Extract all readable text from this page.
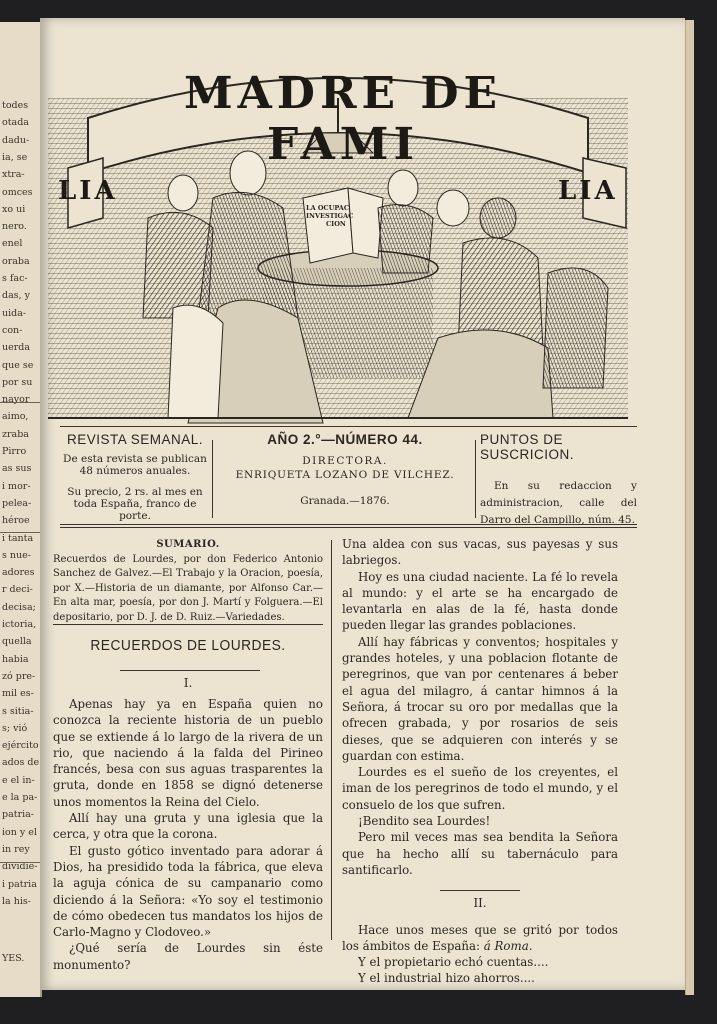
todes
otada
dadu-
ia, se
xtra-
omces
xo ui
nero.
enel
oraba
s fac-
das, y
uida-
con-
uerda
que se
por su
nayor
aimo,
zraba
Pirro
as sus
i mor-
pelea-
héroe
i tanta
s nue-
adores
r deci-
decisa;
ictoria,
quella
habia
zó pre-
mil es-
s sitia-
s; vió
ejército
ados de
e el in-
e la pa-
patria-
ion y el
in rey
dividie-
i patria
la his-
YES.
MADRE DE FAMI
LIA	LIA
LA OCUPAC
INVESTIGAC
CION
REVISTA SEMANAL.
De esta revista se publican 48 números anuales.
Su precio, 2 rs. al mes en toda España, franco de porte.
AÑO 2.°—NÚMERO 44.
DIRECTORA.
ENRIQUETA LOZANO DE VILCHEZ.
Granada.—1876.
PUNTOS DE SUSCRICION.
En su redaccion y administracion, calle del Darro del Campillo, núm. 45.
SUMARIO.
Recuerdos de Lourdes, por don Federico Antonio Sanchez de Galvez.—El Trabajo y la Oracion, poesía, por X.—Historia de un diamante, por Alfonso Car.—En alta mar, poesía, por don J. Martí y Folguera.—El depositario, por D. J. de D. Ruiz.—Variedades.
RECUERDOS DE LOURDES.
I.

Apenas hay ya en España quien no conozca la reciente historia de un pueblo que se extiende á lo largo de la rivera de un rio, que naciendo á la falda del Pirineo francés, besa con sus aguas trasparentes la gruta, donde en 1858 se dignó detenerse unos momentos la Reina del Cielo.

Allí hay una gruta y una iglesia que la cerca, y otra que la corona.

El gusto gótico inventado para adorar á Dios, ha presidido toda la fábrica, que eleva la aguja cónica de su campanario como diciendo á la Señora: «Yo soy el testimonio de cómo obedecen tus mandatos los hijos de Carlo-Magno y Clodoveo.»

¿Qué sería de Lourdes sin éste monumento?

Una aldea con sus vacas, sus payesas y sus labriegos.

Hoy es una ciudad naciente. La fé lo revela al mundo: y el arte se ha encargado de levantarla en alas de la fé, hasta donde pueden llegar las grandes poblaciones.

Allí hay fábricas y conventos; hospitales y grandes hoteles, y una poblacion flotante de peregrinos, que van por centenares á beber el agua del milagro, á cantar himnos á la Señora, á trocar su oro por medallas que la ofrecen grabada, y por rosarios de seis dieses, que se adquieren con interés y se guardan con estima.

Lourdes es el sueño de los creyentes, el iman de los peregrinos de todo el mundo, y el consuelo de los que sufren.

¡Bendito sea Lourdes!

Pero mil veces mas sea bendita la Señora que ha hecho allí su tabernáculo para santificarlo.

II.

Hace unos meses que se gritó por todos los ámbitos de España: á Roma.

Y el propietario echó cuentas....

Y el industrial hizo ahorros....
